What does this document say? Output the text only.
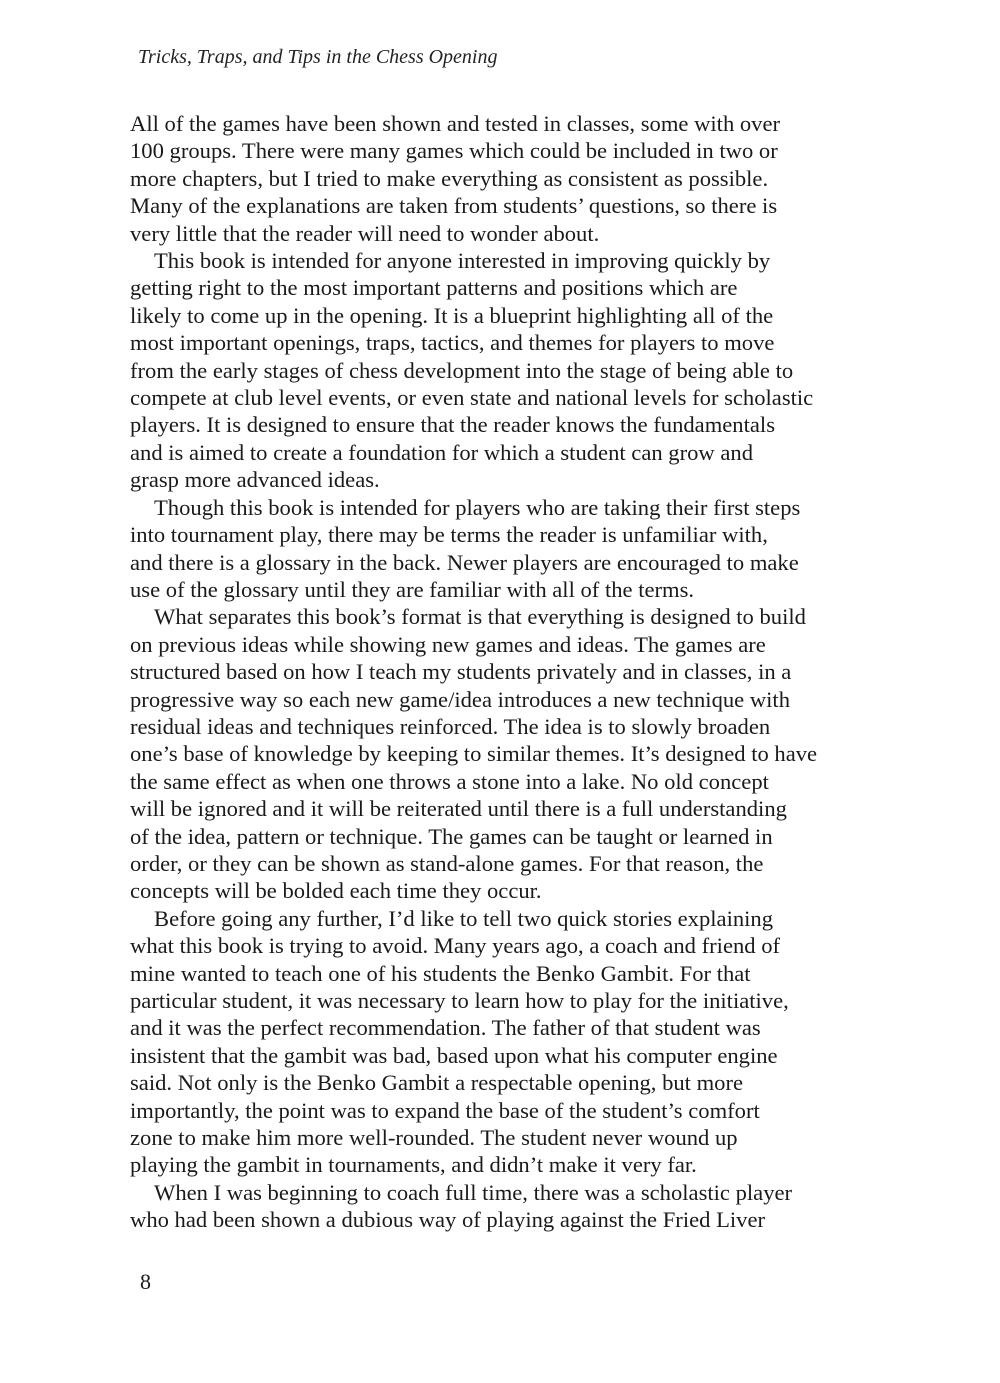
Tricks, Traps, and Tips in the Chess Opening
All of the games have been shown and tested in classes, some with over
100 groups. There were many games which could be included in two or
more chapters, but I tried to make everything as consistent as possible.
Many of the explanations are taken from students’ questions, so there is
very little that the reader will need to wonder about.
This book is intended for anyone interested in improving quickly by
getting right to the most important patterns and positions which are
likely to come up in the opening. It is a blueprint highlighting all of the
most important openings, traps, tactics, and themes for players to move
from the early stages of chess development into the stage of being able to
compete at club level events, or even state and national levels for scholastic
players. It is designed to ensure that the reader knows the fundamentals
and is aimed to create a foundation for which a student can grow and
grasp more advanced ideas.
Though this book is intended for players who are taking their first steps
into tournament play, there may be terms the reader is unfamiliar with,
and there is a glossary in the back. Newer players are encouraged to make
use of the glossary until they are familiar with all of the terms.
What separates this book’s format is that everything is designed to build
on previous ideas while showing new games and ideas. The games are
structured based on how I teach my students privately and in classes, in a
progressive way so each new game/idea introduces a new technique with
residual ideas and techniques reinforced. The idea is to slowly broaden
one’s base of knowledge by keeping to similar themes. It’s designed to have
the same effect as when one throws a stone into a lake. No old concept
will be ignored and it will be reiterated until there is a full understanding
of the idea, pattern or technique. The games can be taught or learned in
order, or they can be shown as stand-alone games. For that reason, the
concepts will be bolded each time they occur.
Before going any further, I’d like to tell two quick stories explaining
what this book is trying to avoid. Many years ago, a coach and friend of
mine wanted to teach one of his students the Benko Gambit. For that
particular student, it was necessary to learn how to play for the initiative,
and it was the perfect recommendation. The father of that student was
insistent that the gambit was bad, based upon what his computer engine
said. Not only is the Benko Gambit a respectable opening, but more
importantly, the point was to expand the base of the student’s comfort
zone to make him more well-rounded. The student never wound up
playing the gambit in tournaments, and didn’t make it very far.
When I was beginning to coach full time, there was a scholastic player
who had been shown a dubious way of playing against the Fried Liver
8
